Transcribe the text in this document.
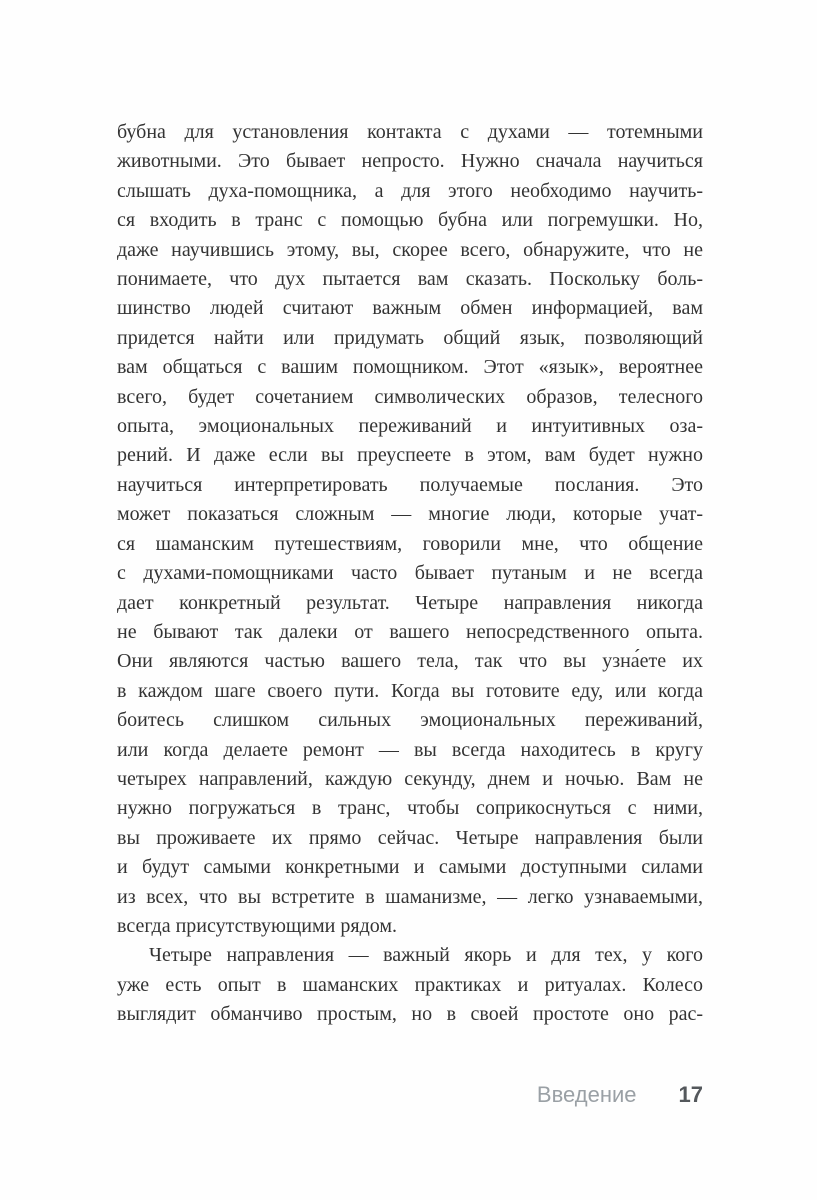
бубна для установления контакта с духами — тотемными
животными. Это бывает непросто. Нужно сначала научиться
слышать духа-помощника, а для этого необходимо научить-
ся входить в транс с помощью бубна или погремушки. Но,
даже научившись этому, вы, скорее всего, обнаружите, что не
понимаете, что дух пытается вам сказать. Поскольку боль-
шинство людей считают важным обмен информацией, вам
придется найти или придумать общий язык, позволяющий
вам общаться с вашим помощником. Этот «язык», вероятнее
всего, будет сочетанием символических образов, телесного
опыта, эмоциональных переживаний и интуитивных оза-
рений. И даже если вы преуспеете в этом, вам будет нужно
научиться интерпретировать получаемые послания. Это
может показаться сложным — многие люди, которые учат-
ся шаманским путешествиям, говорили мне, что общение
с духами-помощниками часто бывает путаным и не всегда
дает конкретный результат. Четыре направления никогда
не бывают так далеки от вашего непосредственного опыта.
Они являются частью вашего тела, так что вы узна́ете их
в каждом шаге своего пути. Когда вы готовите еду, или когда
боитесь слишком сильных эмоциональных переживаний,
или когда делаете ремонт — вы всегда находитесь в кругу
четырех направлений, каждую секунду, днем и ночью. Вам не
нужно погружаться в транс, чтобы соприкоснуться с ними,
вы проживаете их прямо сейчас. Четыре направления были
и будут самыми конкретными и самыми доступными силами
из всех, что вы встретите в шаманизме, — легко узнаваемыми,
всегда присутствующими рядом.
Четыре направления — важный якорь и для тех, у кого
уже есть опыт в шаманских практиках и ритуалах. Колесо
выглядит обманчиво простым, но в своей простоте оно рас-
Введение 17
